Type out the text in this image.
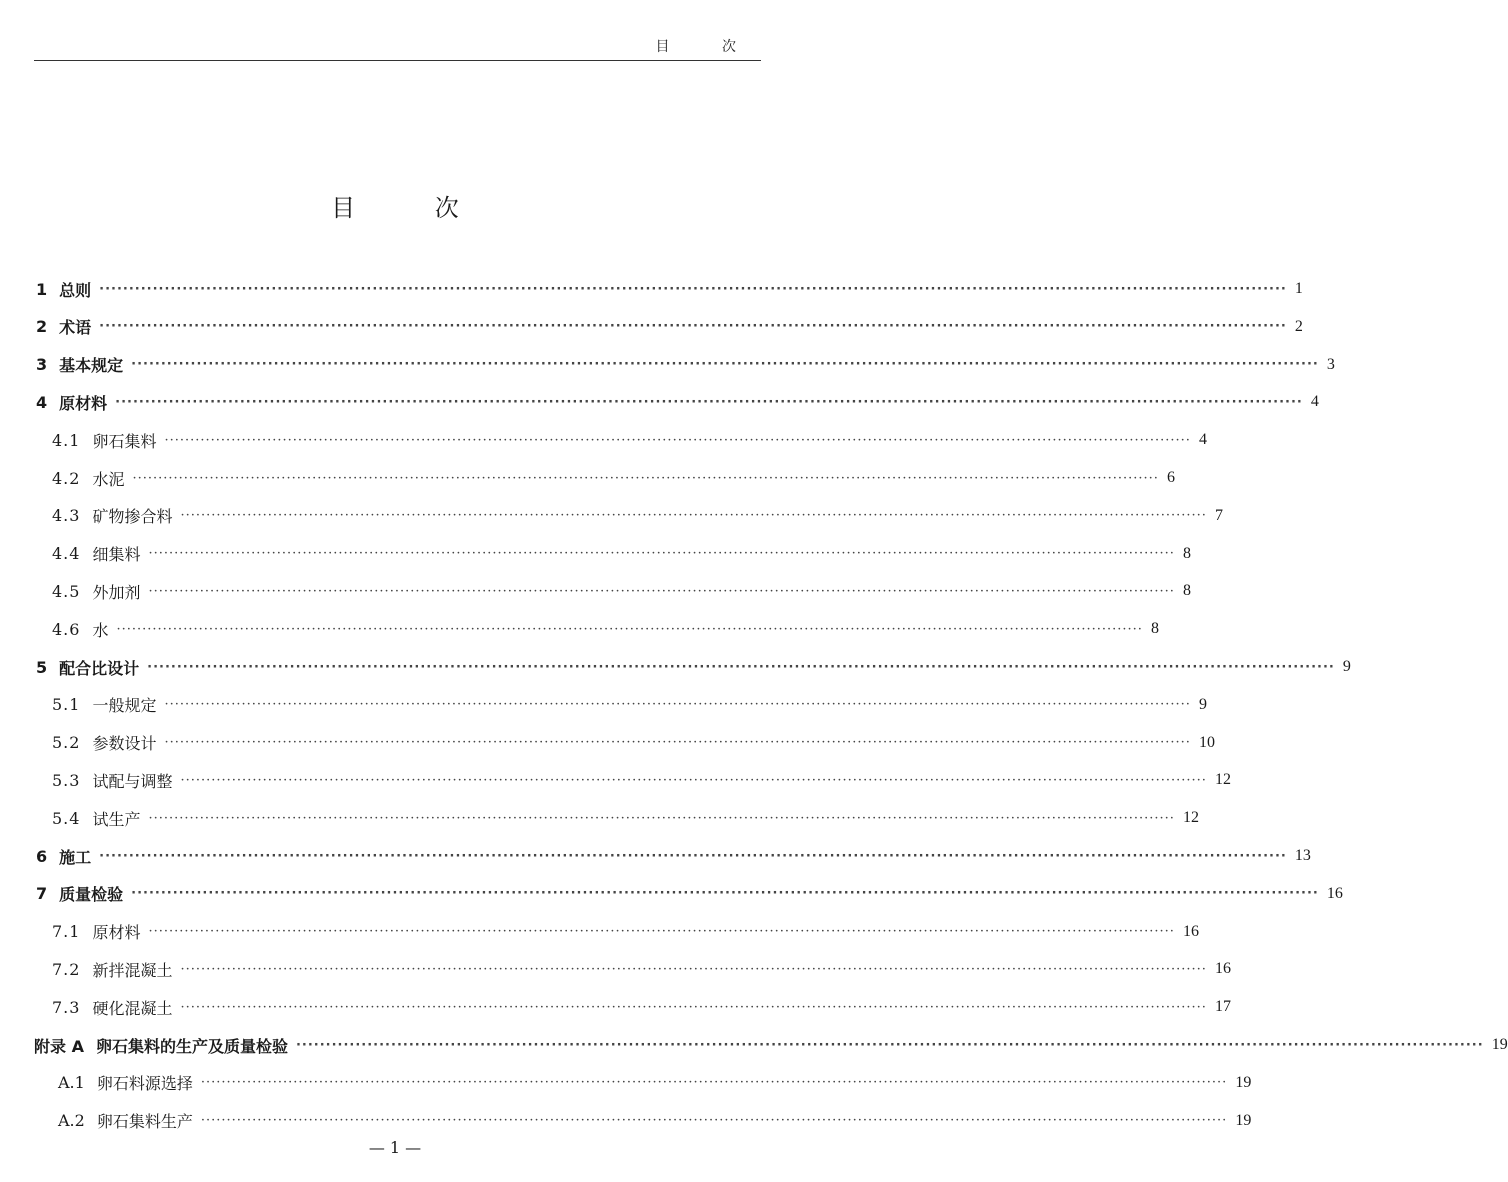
目 次
目 次
1 总则 ········································································································································································································ 1
2 术语 ········································································································································································································ 2
3 基本规定 ········································································································································································································ 3
4 原材料 ········································································································································································································ 4
4.1 卵石集料 ········································································································································································································ 4
4.2 水泥 ········································································································································································································ 6
4.3 矿物掺合料 ········································································································································································································ 7
4.4 细集料 ········································································································································································································ 8
4.5 外加剂 ········································································································································································································ 8
4.6 水 ········································································································································································································ 8
5 配合比设计 ········································································································································································································ 9
5.1 一般规定 ········································································································································································································ 9
5.2 参数设计 ········································································································································································································ 10
5.3 试配与调整 ········································································································································································································ 12
5.4 试生产 ········································································································································································································ 12
6 施工 ········································································································································································································ 13
7 质量检验 ········································································································································································································ 16
7.1 原材料 ········································································································································································································ 16
7.2 新拌混凝土 ········································································································································································································ 16
7.3 硬化混凝土 ········································································································································································································ 17
附录 A 卵石集料的生产及质量检验 ········································································································································································································ 19
A.1 卵石料源选择 ········································································································································································································ 19
A.2 卵石集料生产 ········································································································································································································ 19
— 1 —
